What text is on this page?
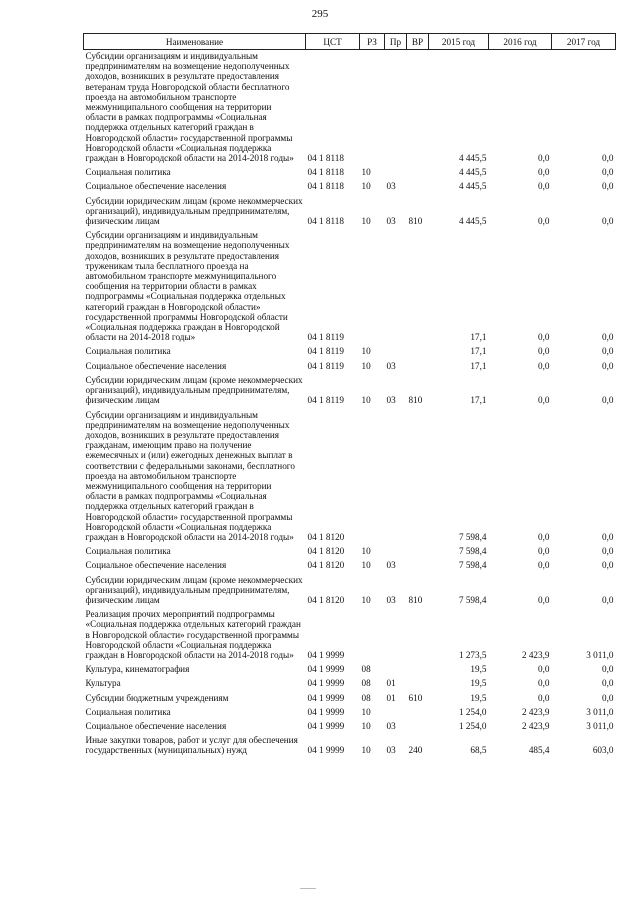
295
Наименование	ЦСТ	РЗ	Пр	ВР	2015 год	2016 год	2017 год
Субсидии организациям и индивидуальным предпринимателям на возмещение недополученных доходов, возникших в результате предоставления ветеранам труда Новгородской области бесплатного проезда на автомобильном транспорте межмуниципального сообщения на территории области в рамках подпрограммы «Социальная поддержка отдельных категорий граждан в Новгородской области» государственной программы Новгородской области «Социальная поддержка граждан в Новгородской области на 2014-2018 годы»	04 1 8118				4 445,5	0,0	0,0
Социальная политика	04 1 8118	10			4 445,5	0,0	0,0
Социальное обеспечение населения	04 1 8118	10	03		4 445,5	0,0	0,0
Субсидии юридическим лицам (кроме некоммерческих организаций), индивидуальным предпринимателям, физическим лицам	04 1 8118	10	03	810	4 445,5	0,0	0,0
Субсидии организациям и индивидуальным предпринимателям на возмещение недополученных доходов, возникших в результате предоставления труженикам тыла бесплатного проезда на автомобильном транспорте межмуниципального сообщения на территории области в рамках подпрограммы «Социальная поддержка отдельных категорий граждан в Новгородской области» государственной программы Новгородской области «Социальная поддержка граждан в Новгородской области на 2014-2018 годы»	04 1 8119				17,1	0,0	0,0
Социальная политика	04 1 8119	10			17,1	0,0	0,0
Социальное обеспечение населения	04 1 8119	10	03		17,1	0,0	0,0
Субсидии юридическим лицам (кроме некоммерческих организаций), индивидуальным предпринимателям, физическим лицам	04 1 8119	10	03	810	17,1	0,0	0,0
Субсидии организациям и индивидуальным предпринимателям на возмещение недополученных доходов, возникших в результате предоставления гражданам, имеющим право на получение ежемесячных и (или) ежегодных денежных выплат в соответствии с федеральными законами, бесплатного проезда на автомобильном транспорте межмуниципального сообщения на территории области в рамках подпрограммы «Социальная поддержка отдельных категорий граждан в Новгородской области» государственной программы Новгородской области «Социальная поддержка граждан в Новгородской области на 2014-2018 годы»	04 1 8120				7 598,4	0,0	0,0
Социальная политика	04 1 8120	10			7 598,4	0,0	0,0
Социальное обеспечение населения	04 1 8120	10	03		7 598,4	0,0	0,0
Субсидии юридическим лицам (кроме некоммерческих организаций), индивидуальным предпринимателям, физическим лицам	04 1 8120	10	03	810	7 598,4	0,0	0,0
Реализация прочих мероприятий подпрограммы «Социальная поддержка отдельных категорий граждан в Новгородской области» государственной программы Новгородской области «Социальная поддержка граждан в Новгородской области на 2014-2018 годы»	04 1 9999				1 273,5	2 423,9	3 011,0
Культура, кинематография	04 1 9999	08			19,5	0,0	0,0
Культура	04 1 9999	08	01		19,5	0,0	0,0
Субсидии бюджетным учреждениям	04 1 9999	08	01	610	19,5	0,0	0,0
Социальная политика	04 1 9999	10			1 254,0	2 423,9	3 011,0
Социальное обеспечение населения	04 1 9999	10	03		1 254,0	2 423,9	3 011,0
Иные закупки товаров, работ и услуг для обеспечения государственных (муниципальных) нужд	04 1 9999	10	03	240	68,5	485,4	603,0
